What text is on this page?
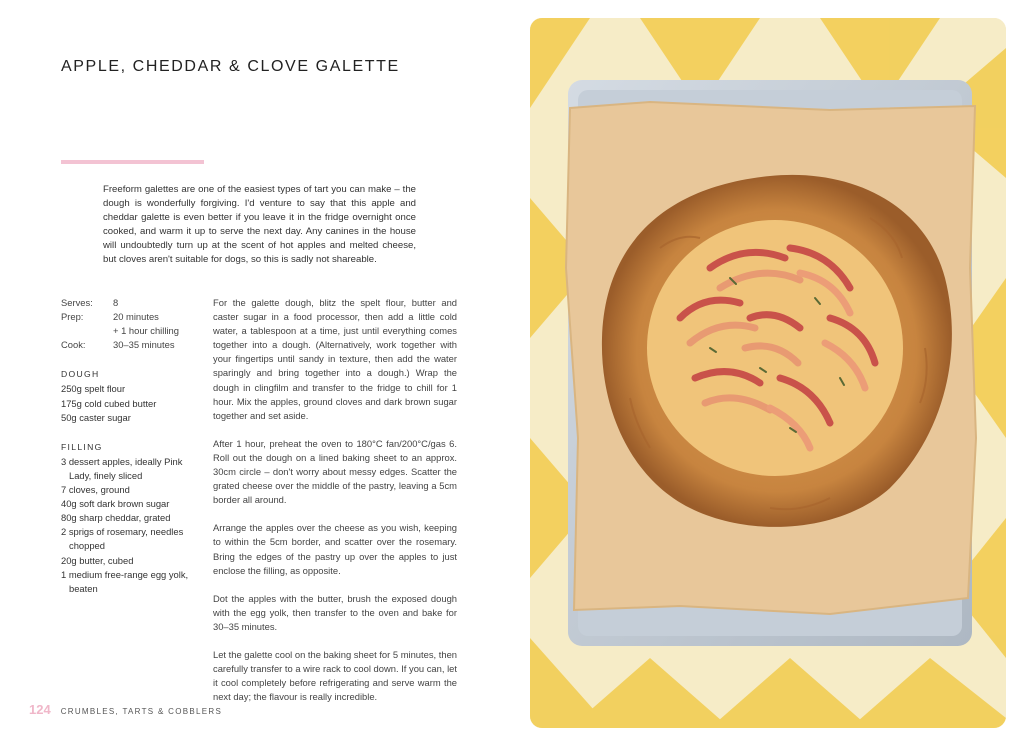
APPLE, CHEDDAR & CLOVE GALETTE
Freeform galettes are one of the easiest types of tart you can make – the dough is wonderfully forgiving. I'd venture to say that this apple and cheddar galette is even better if you leave it in the fridge overnight once cooked, and warm it up to serve the next day. Any canines in the house will undoubtedly turn up at the scent of hot apples and melted cheese, but cloves aren't suitable for dogs, so this is sadly not shareable.
Serves:	8
Prep:	20 minutes
+ 1 hour chilling
Cook:	30–35 minutes
DOUGH
250g spelt flour
175g cold cubed butter
50g caster sugar
FILLING
3 dessert apples, ideally Pink Lady, finely sliced
7 cloves, ground
40g soft dark brown sugar
80g sharp cheddar, grated
2 sprigs of rosemary, needles chopped
20g butter, cubed
1 medium free-range egg yolk, beaten

For the galette dough, blitz the spelt flour, butter and caster sugar in a food processor, then add a little cold water, a tablespoon at a time, just until everything comes together into a dough. (Alternatively, work together with your fingertips until sandy in texture, then add the water sparingly and bring together into a dough.) Wrap the dough in clingfilm and transfer to the fridge to chill for 1 hour. Mix the apples, ground cloves and dark brown sugar together and set aside.

After 1 hour, preheat the oven to 180°C fan/200°C/gas 6. Roll out the dough on a lined baking sheet to an approx. 30cm circle – don't worry about messy edges. Scatter the grated cheese over the middle of the pastry, leaving a 5cm border all around.

Arrange the apples over the cheese as you wish, keeping to within the 5cm border, and scatter over the rosemary. Bring the edges of the pastry up over the apples to just enclose the filling, as opposite.

Dot the apples with the butter, brush the exposed dough with the egg yolk, then transfer to the oven and bake for 30–35 minutes.

Let the galette cool on the baking sheet for 5 minutes, then carefully transfer to a wire rack to cool down. If you can, let it cool completely before refrigerating and serve warm the next day; the flavour is really incredible.

124 CRUMBLES, TARTS & COBBLERS
